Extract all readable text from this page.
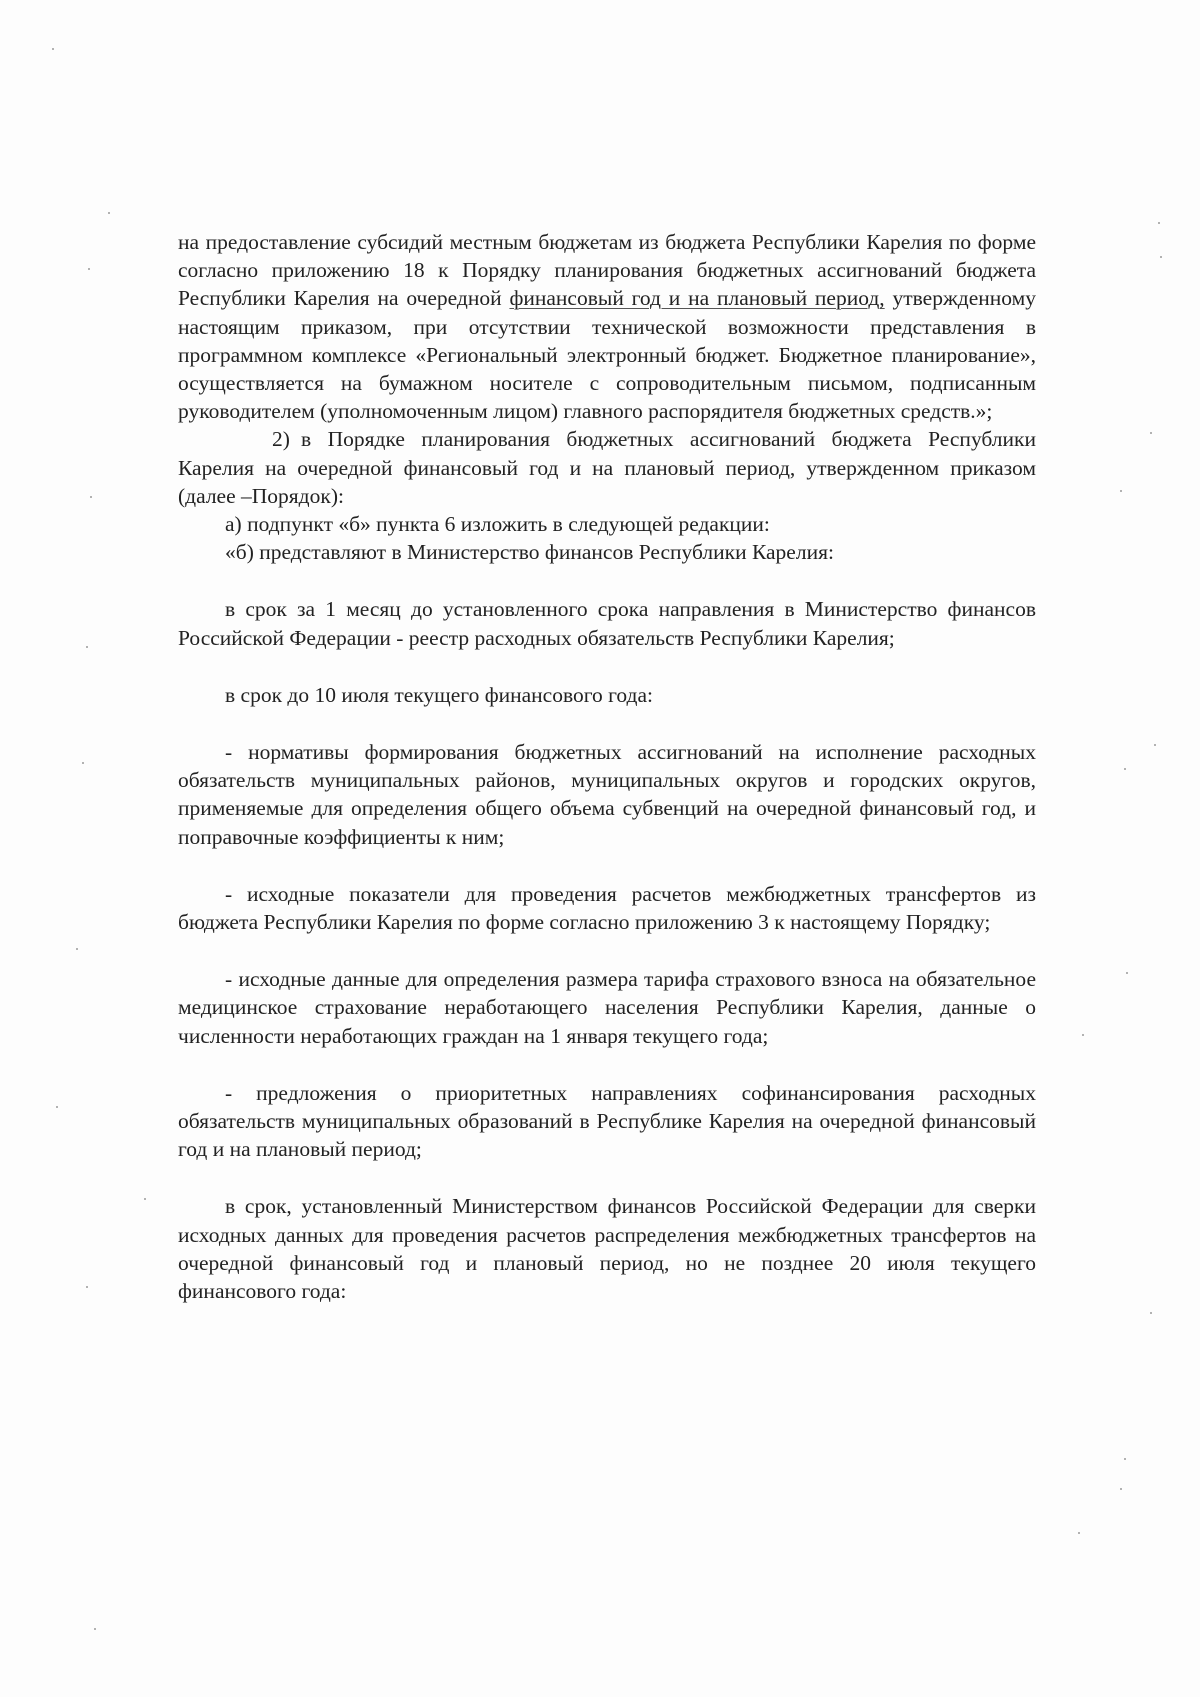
на предоставление субсидий местным бюджетам из бюджета Республики Карелия по форме согласно приложению 18 к Порядку планирования бюджетных ассигнований бюджета Республики Карелия на очередной финансовый год и на плановый период, утвержденному настоящим приказом, при отсутствии технической возможности представления в программном комплексе «Региональный электронный бюджет. Бюджетное планирование», осуществляется на бумажном носителе с сопроводительным письмом, подписанным руководителем (уполномоченным лицом) главного распорядителя бюджетных средств.»;

2) в Порядке планирования бюджетных ассигнований бюджета Республики Карелия на очередной финансовый год и на плановый период, утвержденном приказом (далее –Порядок):

а) подпункт «б» пункта 6 изложить в следующей редакции:

«б) представляют в Министерство финансов Республики Карелия:

в срок за 1 месяц до установленного срока направления в Министерство финансов Российской Федерации - реестр расходных обязательств Республики Карелия;

в срок до 10 июля текущего финансового года:

- нормативы формирования бюджетных ассигнований на исполнение расходных обязательств муниципальных районов, муниципальных округов и городских округов, применяемые для определения общего объема субвенций на очередной финансовый год, и поправочные коэффициенты к ним;

- исходные показатели для проведения расчетов межбюджетных трансфертов из бюджета Республики Карелия по форме согласно приложению 3 к настоящему Порядку;

- исходные данные для определения размера тарифа страхового взноса на обязательное медицинское страхование неработающего населения Республики Карелия, данные о численности неработающих граждан на 1 января текущего года;

- предложения о приоритетных направлениях софинансирования расходных обязательств муниципальных образований в Республике Карелия на очередной финансовый год и на плановый период;

в срок, установленный Министерством финансов Российской Федерации для сверки исходных данных для проведения расчетов распределения межбюджетных трансфертов на очередной финансовый год и плановый период, но не позднее 20 июля текущего финансового года:
